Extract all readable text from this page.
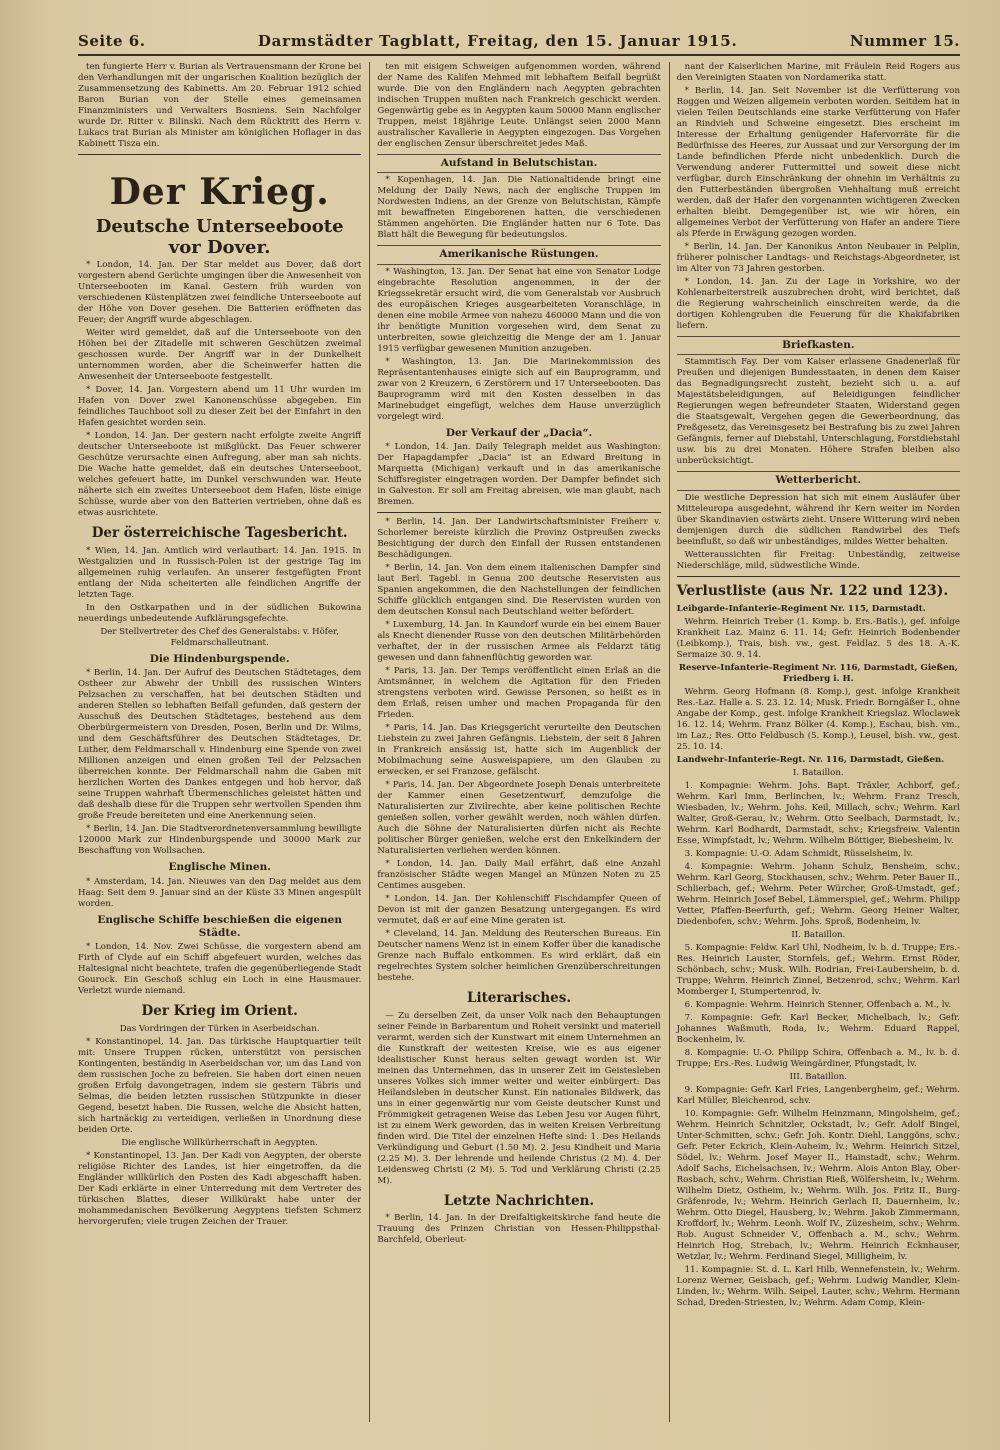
Seite 6.	Darmstädter Tagblatt, Freitag, den 15. Januar 1915.	Nummer 15.

ten fungierte Herr v. Burian als Vertrauensmann der Krone bei den Verhandlungen mit der ungarischen Koalition bezüglich der Zusammensetzung des Kabinetts. Am 20. Februar 1912 schied Baron Burian von der Stelle eines gemeinsamen Finanzministers und Verwalters Bosniens. Sein Nachfolger wurde Dr. Ritter v. Bilinski. Nach dem Rücktritt des Herrn v. Lukacs trat Burian als Minister am königlichen Hoflager in das Kabinett Tisza ein.

Der Krieg.
Deutsche Unterseeboote vor Dover.

* London, 14. Jan. Der Star meldet aus Dover, daß dort vorgestern abend Gerüchte umgingen über die Anwesenheit von Unterseebooten im Kanal. Gestern früh wurden von verschiedenen Küstenplätzen zwei feindliche Unterseeboote auf der Höhe von Dover gesehen. Die Batterien eröffneten das Feuer; der Angriff wurde abgeschlagen.

Weiter wird gemeldet, daß auf die Unterseeboote von den Höhen bei der Zitadelle mit schweren Geschützen zweimal geschossen wurde. Der Angriff war in der Dunkelheit unternommen worden, aber die Scheinwerfer hatten die Anwesenheit der Unterseeboote festgestellt.

* Dover, 14. Jan. Vorgestern abend um 11 Uhr wurden im Hafen von Dover zwei Kanonenschüsse abgegeben. Ein feindliches Tauchboot soll zu dieser Zeit bei der Einfahrt in den Hafen gesichtet worden sein.

* London, 14. Jan. Der gestern nacht erfolgte zweite Angriff deutscher Unterseeboote ist mißglückt. Das Feuer schwerer Geschütze verursachte einen Aufregung, aber man sah nichts. Die Wache hatte gemeldet, daß ein deutsches Unterseeboot, welches gefeuert hatte, im Dunkel verschwunden war. Heute näherte sich ein zweites Unterseeboot dem Hafen, löste einige Schüsse, wurde aber von den Batterien vertrieben, ohne daß es etwas ausrichtete.

Der österreichische Tagesbericht.

* Wien, 14. Jan. Amtlich wird verlautbart: 14. Jan. 1915. In Westgalizien und in Russisch-Polen ist der gestrige Tag im allgemeinen ruhig verlaufen. An unserer festgefügten Front entlang der Nida scheiterten alle feindlichen Angriffe der letzten Tage.

In den Ostkarpathen und in der südlichen Bukowina neuerdings unbedeutende Aufklärungsgefechte.

Der Stellvertreter des Chef des Generalstabs: v. Höfer, Feldmarschalleutnant.

Die Hindenburgspende.

* Berlin, 14. Jan. Der Aufruf des Deutschen Städtetages, dem Ostheer zur Abwehr der Unbill des russischen Winters Pelzsachen zu verschaffen, hat bei deutschen Städten und anderen Stellen so lebhaften Beifall gefunden, daß gestern der Ausschuß des Deutschen Städtetages, bestehend aus dem Oberbürgermeistern von Dresden, Posen, Berlin und Dr. Wilms, und dem Geschäftsführer des Deutschen Städtetages, Dr. Luther, dem Feldmarschall v. Hindenburg eine Spende von zwei Millionen anzeigen und einen großen Teil der Pelzsachen überreichen konnte. Der Feldmarschall nahm die Gaben mit herzlichen Worten des Dankes entgegen und hob hervor, daß seine Truppen wahrhaft Übermenschliches geleistet hätten und daß deshalb diese für die Truppen sehr wertvollen Spenden ihm große Freude bereiteten und eine Anerkennung seien.

* Berlin, 14. Jan. Die Stadtverordnetenversammlung bewilligte 120000 Mark zur Hindenburgspende und 30000 Mark zur Beschaffung von Wollsachen.

Englische Minen.

* Amsterdam, 14. Jan. Nieuwes van den Dag meldet aus dem Haag: Seit dem 9. Januar sind an der Küste 33 Minen angespült worden.

Englische Schiffe beschießen die eigenen Städte.

* London, 14. Nov. Zwei Schüsse, die vorgestern abend am Firth of Clyde auf ein Schiff abgefeuert wurden, welches das Haltesignal nicht beachtete, trafen die gegenüberliegende Stadt Gourock. Ein Geschoß schlug ein Loch in eine Hausmauer. Verletzt wurde niemand.

Der Krieg im Orient.

Das Vordringen der Türken in Aserbeidschan.

* Konstantinopel, 14. Jan. Das türkische Hauptquartier teilt mit: Unsere Truppen rücken, unterstützt von persischen Kontingenten, beständig in Aserbeidschan vor, um das Land von dem russischen Joche zu befreien. Sie haben dort einen neuen großen Erfolg davongetragen, indem sie gestern Täbris und Selmas, die beiden letzten russischen Stützpunkte in dieser Gegend, besetzt haben. Die Russen, welche die Absicht hatten, sich hartnäckig zu verteidigen, verließen in Unordnung diese beiden Orte.

Die englische Willkürherrschaft in Aegypten.

* Konstantinopel, 13. Jan. Der Kadi von Aegypten, der oberste religiöse Richter des Landes, ist hier eingetroffen, da die Engländer willkürlich den Posten des Kadi abgeschafft haben. Der Kadi erklärte in einer Unterredung mit dem Vertreter des türkischen Blattes, dieser Willkürakt habe unter der mohammedanischen Bevölkerung Aegyptens tiefsten Schmerz hervorgerufen; viele trugen Zeichen der Trauer.

ten mit eisigem Schweigen aufgenommen worden, während der Name des Kalifen Mehmed mit lebhaftem Beifall begrüßt wurde. Die von den Engländern nach Aegypten gebrachten indischen Truppen mußten nach Frankreich geschickt werden. Gegenwärtig gebe es in Aegypten kaum 50000 Mann englischer Truppen, meist 18jährige Leute. Unlängst seien 2000 Mann australischer Kavallerie in Aegypten eingezogen. Das Vorgehen der englischen Zensur überschreitet jedes Maß.

Aufstand in Belutschistan.

* Kopenhagen, 14. Jan. Die Nationaltidende bringt eine Meldung der Daily News, nach der englische Truppen im Nordwesten Indiens, an der Grenze von Belutschistan, Kämpfe mit bewaffneten Eingeborenen hatten, die verschiedenen Stämmen angehörten. Die Engländer hatten nur 6 Tote. Das Blatt hält die Bewegung für bedeutungslos.

Amerikanische Rüstungen.

* Washington, 13. Jan. Der Senat hat eine von Senator Lodge eingebrachte Resolution angenommen, in der der Kriegssekretär ersucht wird, die vom Generalstab vor Ausbruch des europäischen Krieges ausgearbeiteten Voranschläge, in denen eine mobile Armee von nahezu 460000 Mann und die von ihr benötigte Munition vorgesehen wird, dem Senat zu unterbreiten, sowie gleichzeitig die Menge der am 1. Januar 1915 verfügbar gewesenen Munition anzugeben.

* Washington, 13. Jan. Die Marinekommission des Repräsentantenhauses einigte sich auf ein Bauprogramm, und zwar von 2 Kreuzern, 6 Zerstörern und 17 Unterseebooten. Das Bauprogramm wird mit den Kosten desselben in das Marinebudget eingefügt, welches dem Hause unverzüglich vorgelegt wird.

Der Verkauf der „Dacia“.

* London, 14. Jan. Daily Telegraph meldet aus Washington: Der Hapagdampfer „Dacia“ ist an Edward Breitung in Marquetta (Michigan) verkauft und in das amerikanische Schiffsregister eingetragen worden. Der Dampfer befindet sich in Galveston. Er soll am Freitag abreisen, wie man glaubt, nach Bremen.

* Berlin, 14. Jan. Der Landwirtschaftsminister Freiherr v. Schorlemer bereiste kürzlich die Provinz Ostpreußen zwecks Besichtigung der durch den Einfall der Russen entstandenen Beschädigungen.

* Berlin, 14. Jan. Von dem einem italienischen Dampfer sind laut Berl. Tagebl. in Genua 200 deutsche Reservisten aus Spanien angekommen, die den Nachstellungen der feindlichen Schiffe glücklich entgangen sind. Die Reservisten wurden von dem deutschen Konsul nach Deutschland weiter befördert.

* Luxemburg, 14. Jan. In Kaundorf wurde ein bei einem Bauer als Knecht dienender Russe von den deutschen Militärbehörden verhaftet, der in der russischen Armee als Feldarzt tätig gewesen und dann fahnenflüchtig geworden war.

* Paris, 13. Jan. Der Temps veröffentlicht einen Erlaß an die Amtsmänner, in welchem die Agitation für den Frieden strengstens verboten wird. Gewisse Personen, so heißt es in dem Erlaß, reisen umher und machen Propaganda für den Frieden.

* Paris, 14. Jan. Das Kriegsgericht verurteilte den Deutschen Liebstein zu zwei Jahren Gefängnis. Liebstein, der seit 8 Jahren in Frankreich ansässig ist, hatte sich im Augenblick der Mobilmachung seine Ausweispapiere, um den Glauben zu erwecken, er sei Franzose, gefälscht.

* Paris, 14. Jan. Der Abgeordnete Joseph Denais unterbreitete der Kammer einen Gesetzentwurf, demzufolge die Naturalisierten zur Zivilrechte, aber keine politischen Rechte genießen sollen, vorher gewählt werden, noch wählen dürfen. Auch die Söhne der Naturalisierten dürfen nicht als Rechte politischer Bürger genießen, welche erst den Enkelkindern der Naturalisierten verliehen werden können.

* London, 14. Jan. Daily Mail erfährt, daß eine Anzahl französischer Städte wegen Mangel an Münzen Noten zu 25 Centimes ausgeben.

* London, 14. Jan. Der Kohlenschiff Fischdampfer Queen of Devon ist mit der ganzen Besatzung untergegangen. Es wird vermutet, daß er auf eine Mine geraten ist.

* Cleveland, 14. Jan. Meldung des Reuterschen Bureaus. Ein Deutscher namens Wenz ist in einem Koffer über die kanadische Grenze nach Buffalo entkommen. Es wird erklärt, daß ein regelrechtes System solcher heimlichen Grenzüberschreitungen bestehe.

Literarisches.

— Zu derselben Zeit, da unser Volk nach den Behauptungen seiner Feinde in Barbarentum und Roheit versinkt und materiell verarmt, werden sich der Kunstwart mit einem Unternehmen an die Kunstkraft der weitesten Kreise, wie es aus eigener idealistischer Kunst heraus selten gewagt worden ist. Wir meinen das Unternehmen, das in unserer Zeit im Geistesleben unseres Volkes sich immer weiter und weiter einbürgert: Das Heilandsleben in deutscher Kunst. Ein nationales Bildwerk, das uns in einer gegenwärtig nur vom Geiste deutscher Kunst und Frömmigkeit getragenen Weise das Leben Jesu vor Augen führt, ist zu einem Werk geworden, das in weiten Kreisen Verbreitung finden wird. Die Titel der einzelnen Hefte sind: 1. Des Heilands Verkündigung und Geburt (1.50 M). 2. Jesu Kindheit und Maria (2.25 M). 3. Der lehrende und heilende Christus (2 M). 4. Der Leidensweg Christi (2 M). 5. Tod und Verklärung Christi (2.25 M).

Letzte Nachrichten.

* Berlin, 14. Jan. In der Dreifaltigkeitskirche fand heute die Trauung des Prinzen Christian von Hessen-Philippsthal-Barchfeld, Oberleut-

nant der Kaiserlichen Marine, mit Fräulein Reid Rogers aus den Vereinigten Staaten von Nordamerika statt.

* Berlin, 14. Jan. Seit November ist die Verfütterung von Roggen und Weizen allgemein verboten worden. Seitdem hat in vielen Teilen Deutschlands eine starke Verfütterung von Hafer an Rindvieh und Schweine eingesetzt. Dies erscheint im Interesse der Erhaltung genügender Hafervorräte für die Bedürfnisse des Heeres, zur Aussaat und zur Versorgung der im Lande befindlichen Pferde nicht unbedenklich. Durch die Verwendung anderer Futtermittel und soweit diese nicht verfügbar, durch Einschränkung der ohnehin im Verhältnis zu den Futterbeständen übergroßen Viehhaltung muß erreicht werden, daß der Hafer den vorgenannten wichtigeren Zwecken erhalten bleibt. Demgegenüber ist, wie wir hören, ein allgemeines Verbot der Verfütterung von Hafer an andere Tiere als Pferde in Erwägung gezogen worden.

* Berlin, 14. Jan. Der Kanonikus Anton Neubauer in Pelplin, früherer polnischer Landtags- und Reichstags-Abgeordneter, ist im Alter von 73 Jahren gestorben.

* London, 14. Jan. Zu der Lage in Yorkshire, wo der Kohlenarbeiterstreik auszubrechen droht, wird berichtet, daß die Regierung wahrscheinlich einschreiten werde, da die dortigen Kohlengruben die Feuerung für die Khakifabriken liefern.

Briefkasten.

Stammtisch Fay. Der vom Kaiser erlassene Gnadenerlaß für Preußen und diejenigen Bundesstaaten, in denen dem Kaiser das Begnadigungsrecht zusteht, bezieht sich u. a. auf Majestätsbeleidigungen, auf Beleidigungen feindlicher Regierungen wegen befreundeter Staaten, Widerstand gegen die Staatsgewalt, Vergehen gegen die Gewerbeordnung, das Preßgesetz, das Vereinsgesetz bei Bestrafung bis zu zwei Jahren Gefängnis, ferner auf Diebstahl, Unterschlagung, Forstdiebstahl usw. bis zu drei Monaten. Höhere Strafen bleiben also unberücksichtigt.

Wetterbericht.

Die westliche Depression hat sich mit einem Ausläufer über Mitteleuropa ausgedehnt, während ihr Kern weiter im Norden über Skandinavien ostwärts zieht. Unsere Witterung wird neben demjenigen durch die südlichen Randwirbel des Tiefs beeinflußt, so daß wir unbeständiges, mildes Wetter behalten.

Wetteraussichten für Freitag: Unbeständig, zeitweise Niederschläge, mild, südwestliche Winde.

Verlustliste (aus Nr. 122 und 123).

Leibgarde-Infanterie-Regiment Nr. 115, Darmstadt.

Wehrm. Heinrich Treber (1. Komp. b. Ers.-Batls.), gef. infolge Krankheit Laz. Mainz 6. 11. 14; Gefr. Heinrich Bodenbender (Leibkomp.), Trais, bish. vw., gest. Feldlaz. 5 des 18. A.-K. Sermaize 30. 9. 14.

Reserve-Infanterie-Regiment Nr. 116, Darmstadt, Gießen, Friedberg i. H.

Wehrm. Georg Hofmann (8. Komp.), gest. infolge Krankheit Res.-Laz. Halle a. S. 23. 12. 14; Musk. Friedr. Borngäßer I., ohne Angabe der Komp., gest. infolge Krankheit Kriegslaz. Wloclawek 16. 12. 14; Wehrm. Franz Bölker (4. Komp.), Eschau, bish. vm., im Laz.; Res. Otto Feldbusch (5. Komp.), Leusel, bish. vw., gest. 25. 10. 14.

Landwehr-Infanterie-Regt. Nr. 116, Darmstadt, Gießen.

I. Bataillon.

1. Kompagnie: Wehrm. Johs. Bapt. Träxler, Achborf, gef.; Wehrm. Karl Imm, Berlinchen, lv.; Wehrm. Franz Tresch, Wiesbaden, lv.; Wehrm. Johs. Keil, Millach, schv.; Wehrm. Karl Walter, Groß-Gerau, lv.; Wehrm. Otto Seelbach, Darmstadt, lv.; Wehrm. Karl Bodhardt, Darmstadt, schv.; Kriegsfreiw. Valentin Esse, Wimpfstadt, lv.; Wehrm. Wilhelm Böttiger, Biebesheim, lv.

3. Kompagnie: U.-O. Adam Schmidt, Rüsselsheim, lv.

4. Kompagnie: Wehrm. Johann Schulz, Bensheim, schv.; Wehrm. Karl Georg, Stockhausen, schv.; Wehrm. Peter Bauer II., Schlierbach, gef.; Wehrm. Peter Würcher, Groß-Umstadt, gef.; Wehrm. Heinrich Josef Bebel, Lämmerspiel, gef.; Wehrm. Philipp Vetter, Pfaffen-Beerfurth, gef.; Wehrm. Georg Heiner Walter, Diedenbofen, schv.; Wehrm. Johs. Sproß, Bodenheim, lv.

II. Bataillon.

5. Kompagnie: Feldw. Karl Uhl, Nodheim, lv. b. d. Truppe; Ers.-Res. Heinrich Lauster, Stornfels, gef.; Wehrm. Ernst Röder, Schönbach, schv.; Musk. Wilh. Rodrian, Frei-Laubersheim, b. d. Truppe; Wehrm. Heinrich Zinnel, Betzenrod, schv.; Wehrm. Karl Momberger I, Stumpertenrod, lv.

6. Kompagnie: Wehrm. Heinrich Stenner, Offenbach a. M., lv.

7. Kompagnie: Gefr. Karl Becker, Michelbach, lv.; Gefr. Johannes Waßmuth, Roda, lv.; Wehrm. Eduard Rappel, Bockenheim, lv.

8. Kompagnie: U.-O. Philipp Schira, Offenbach a. M., lv. b. d. Truppe; Ers.-Res. Ludwig Weingärdiner, Pfungstadt, lv.

III. Bataillon.

9. Kompagnie: Gefr. Karl Fries, Langenbergheim, gef.; Wehrm. Karl Müller, Bleichenrod, schv.

10. Kompagnie: Gefr. Wilhelm Heinzmann, Mingolsheim, gef.; Wehrm. Heinrich Schnitzler, Ockstadt, lv.; Gefr. Adolf Bingel, Unter-Schmitten, schv.; Gefr. Joh. Kontr. Diehl, Langgöns, schv.; Gefr. Peter Eckrich, Klein-Auheim, lv.; Wehrm. Heinrich Sitzel, Södel, lv.; Wehrm. Josef Mayer II., Hainstadt, schv.; Wehrm. Adolf Sachs, Eichelsachsen, lv.; Wehrm. Alois Anton Blay, Ober-Rosbach, schv.; Wehrm. Christian Rieß, Wölfersheim, lv.; Wehrm. Wilhelm Dietz, Ostheim, lv.; Wehrm. Wilh. Jos. Fritz II., Burg-Gräfenrode, lv.; Wehrm. Heinrich Gerlach II, Dauernheim, lv.; Wehrm. Otto Diegel, Hausberg, lv.; Wehrm. Jakob Zimmermann, Kroffdorf, lv.; Wehrm. Leonh. Wolf IV., Züzesheim, schv.; Wehrm. Rob. August Schneider V., Offenbach a. M., schv.; Wehrm. Heinrich Hog, Strebach, lv.; Wehrm. Heinrich Ecknhauser, Wetzlar, lv.; Wehrm. Ferdinand Siegel, Milligheim, lv.

11. Kompagnie: St. d. L. Karl Hilb, Wennefenstein, lv.; Wehrm. Lorenz Werner, Geisbach, gef.; Wehrm. Ludwig Mandler, Klein-Linden, lv.; Wehrm. Wilh. Seipel, Lauter, schv.; Wehrm. Hermann Schad, Dreden-Striesten, lv.; Wehrm. Adam Comp, Klein-
